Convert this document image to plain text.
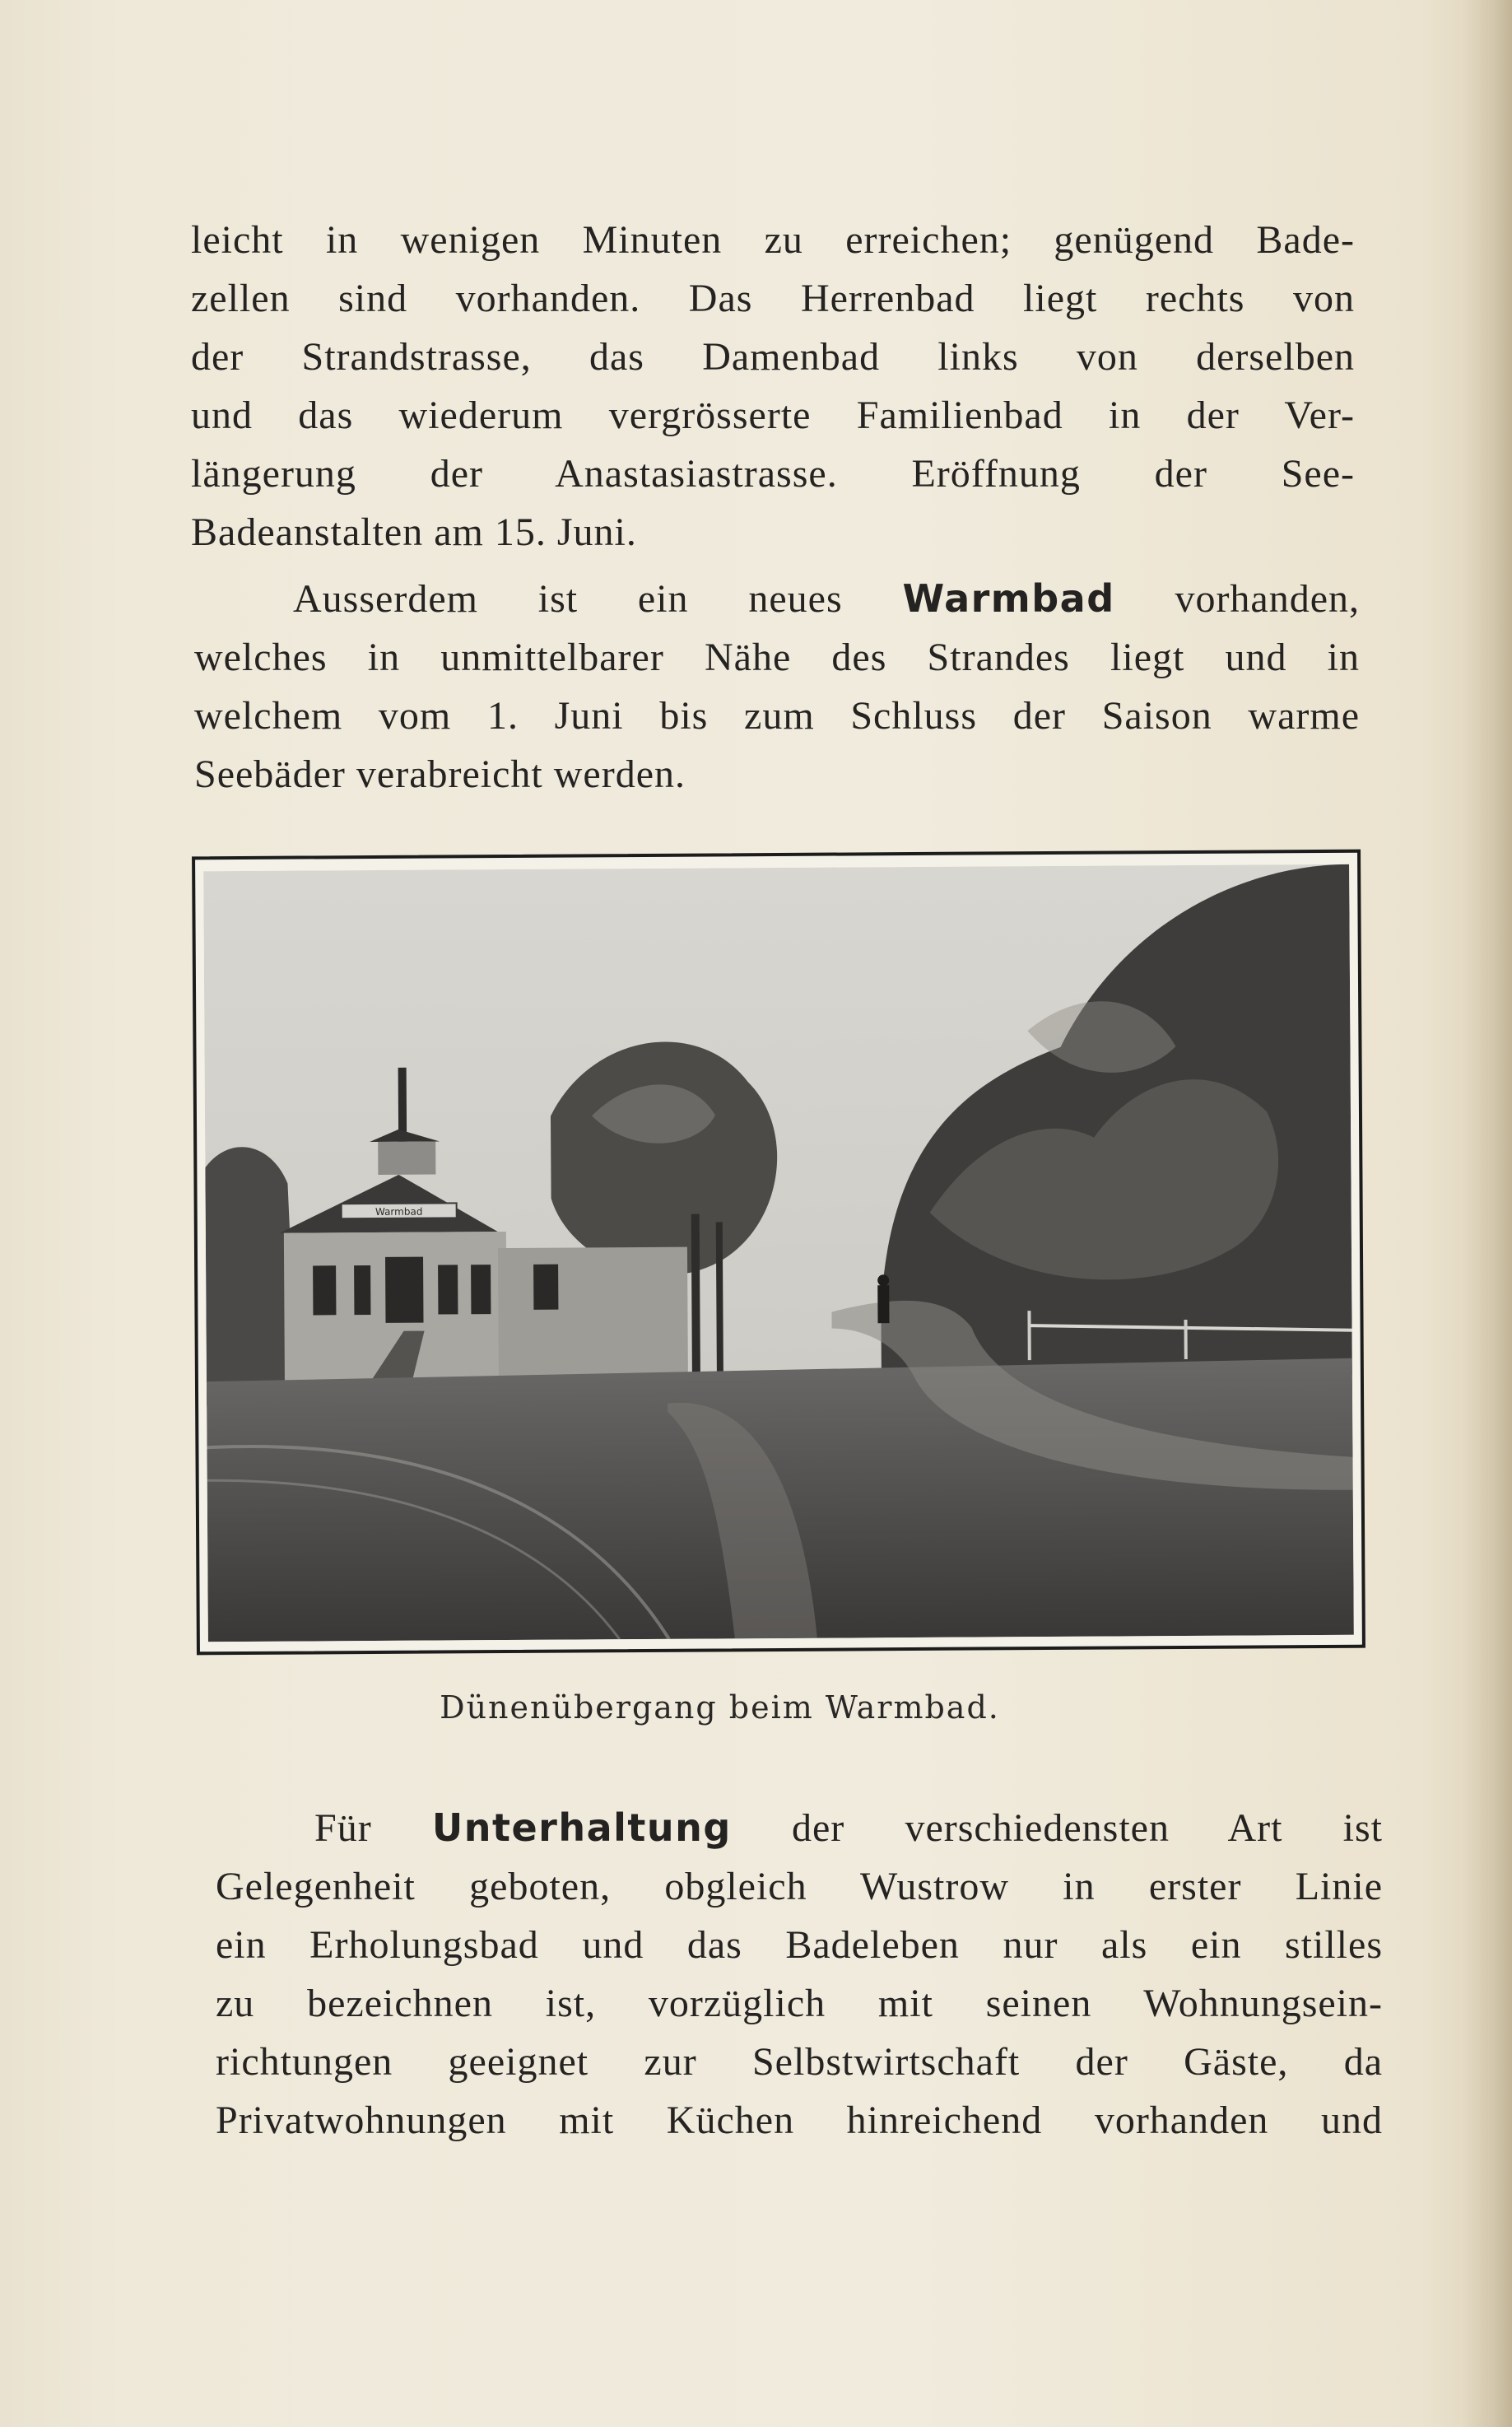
leicht in wenigen Minuten zu erreichen; genügend Bade-
zellen sind vorhanden. Das Herrenbad liegt rechts von
der Strandstrasse, das Damenbad links von derselben
und das wiederum vergrösserte Familienbad in der Ver-
längerung der Anastasiastrasse. Eröffnung der See-
Badeanstalten am 15. Juni.
Ausserdem ist ein neues Warmbad vorhanden,
welches in unmittelbarer Nähe des Strandes liegt und in
welchem vom 1. Juni bis zum Schluss der Saison warme
Seebäder verabreicht werden.
Warmbad
Dünenübergang beim Warmbad.
Für Unterhaltung der verschiedensten Art ist
Gelegenheit geboten, obgleich Wustrow in erster Linie
ein Erholungsbad und das Badeleben nur als ein stilles
zu bezeichnen ist, vorzüglich mit seinen Wohnungsein-
richtungen geeignet zur Selbstwirtschaft der Gäste, da
Privatwohnungen mit Küchen hinreichend vorhanden und
